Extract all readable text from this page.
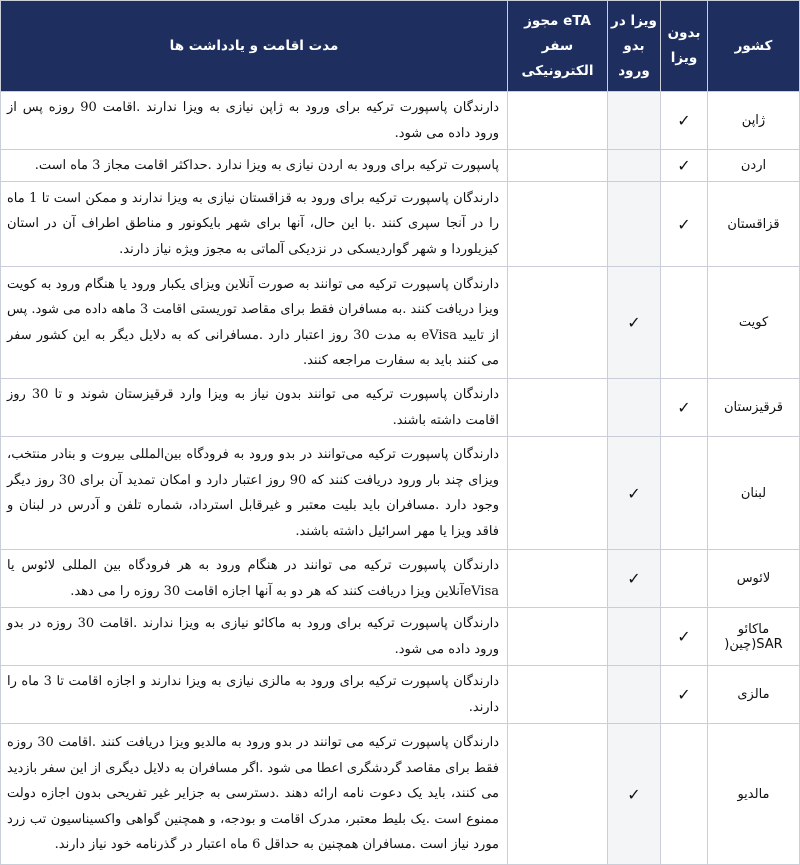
کشور	بدون ویزا	ویزا در بدو ورود	eTA مجوز سفر الکترونیکی	مدت اقامت و یادداشت ها
ژاپن	✓			دارندگان پاسپورت ترکیه برای ورود به ژاپن نیازی به ویزا ندارند .اقامت 90 روزه پس از ورود داده می شود.
اردن	✓			پاسپورت ترکیه برای ورود به اردن نیازی به ویزا ندارد .حداکثر اقامت مجاز 3 ماه است.
قزاقستان	✓			دارندگان پاسپورت ترکیه برای ورود به قزاقستان نیازی به ویزا ندارند و ممکن است تا 1 ماه را در آنجا سپری کنند .با این حال، آنها برای شهر بایکونور و مناطق اطراف آن در استان کیزیلوردا و شهر گواردیسکی در نزدیکی آلماتی به مجوز ویژه نیاز دارند.
کویت		✓		دارندگان پاسپورت ترکیه می توانند به صورت آنلاین ویزای یکبار ورود یا هنگام ورود به کویت ویزا دریافت کنند .به مسافران فقط برای مقاصد توریستی اقامت 3 ماهه داده می شود. پس از تایید eVisa به مدت 30 روز اعتبار دارد .مسافرانی که به دلایل دیگر به این کشور سفر می کنند باید به سفارت مراجعه کنند.
قرقیزستان	✓			دارندگان پاسپورت ترکیه می توانند بدون نیاز به ویزا وارد قرقیزستان شوند و تا 30 روز اقامت داشته باشند.
لبنان		✓		دارندگان پاسپورت ترکیه می‌توانند در بدو ورود به فرودگاه بین‌المللی بیروت و بنادر منتخب، ویزای چند بار ورود دریافت کنند که 90 روز اعتبار دارد و امکان تمدید آن برای 30 روز دیگر وجود دارد .مسافران باید بلیت معتبر و غیرقابل استرداد، شماره تلفن و آدرس در لبنان و فاقد ویزا یا مهر اسرائیل داشته باشند.
لائوس		✓		دارندگان پاسپورت ترکیه می توانند در هنگام ورود به هر فرودگاه بین المللی لائوس یا eVisaآنلاین ویزا دریافت کنند که هر دو به آنها اجازه اقامت 30 روزه را می دهد.
ماکائو SAR(چین(	✓			دارندگان پاسپورت ترکیه برای ورود به ماکائو نیازی به ویزا ندارند .اقامت 30 روزه در بدو ورود داده می شود.
مالزی	✓			دارندگان پاسپورت ترکیه برای ورود به مالزی نیازی به ویزا ندارند و اجازه اقامت تا 3 ماه را دارند.
مالدیو		✓		دارندگان پاسپورت ترکیه می توانند در بدو ورود به مالدیو ویزا دریافت کنند .اقامت 30 روزه فقط برای مقاصد گردشگری اعطا می شود .اگر مسافران به دلایل دیگری از این سفر بازدید می کنند، باید یک دعوت نامه ارائه دهند .دسترسی به جزایر غیر تفریحی بدون اجازه دولت ممنوع است .یک بلیط معتبر، مدرک اقامت و بودجه، و همچنین گواهی واکسیناسیون تب زرد مورد نیاز است .مسافران همچنین به حداقل 6 ماه اعتبار در گذرنامه خود نیاز دارند.
